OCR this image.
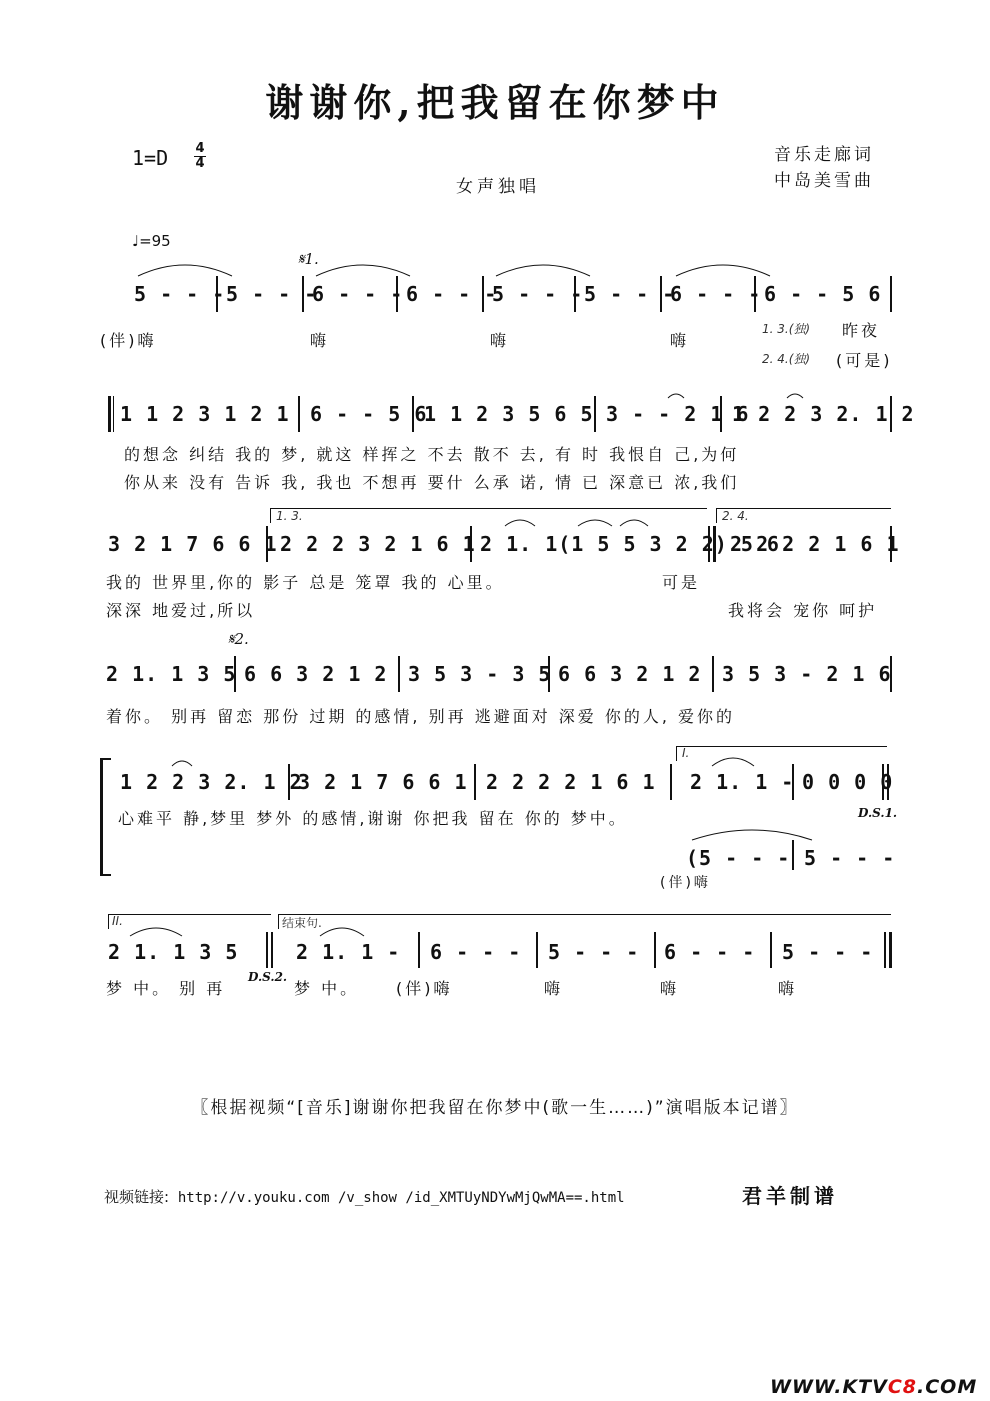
谢谢你,把我留在你梦中
1=D 4
4	音乐走廊词
中岛美雪曲
女声独唱
♩=95
𝄋1.
5 - - - 5 - - -
6 - - - 6 - - -
5 - - - 5 - - -
6 - - - 6 - - 5 6
(伴)嗨	嗨	嗨	嗨
1. 3.(独) 昨夜
2. 4.(独) (可是)
1 1 2 3 1 2 1 6 - - 5 6
1 1 2 3 5 6 5 3 - - 2 1 6
1 2 2 3 2. 1 2
的想念 纠结 我的 梦, 就这 样挥之 不去 散不 去, 有 时 我恨自 己,为何
你从来 没有 告诉 我, 我也 不想再 要什 么承 诺, 情 已 深意已 浓,我们
1. 3.	2. 4.
3 2 1 7 6 6 1 2 2 2 3 2 1 6 1 2 1. 1(1 5 5 3 2 2) 5 6
2 2 2 2 1 6 1
我的 世界里,你的 影子 总是 笼罩 我的 心里。	可是
深深 地爱过,所以	我将会 宠你 呵护
𝄋2.
2 1. 1 3 5 6 6 3 2 1 2 3 5 3 - 3 5 6 6 3 2 1 2 3 5 3 - 2 1 6
着你。 别再 留恋 那份 过期 的感情, 别再 逃避面对 深爱 你的人, 爱你的
I.
1 2 2 3 2. 1 2
3 2 1 7 6 6 1 2 2 2 2 1 6 1 2 1. 1 - 0 0 0 0
心难平 静,梦里 梦外 的感情,谢谢 你把我 留在 你的 梦中。	D.S.1.
(5 - - - 5 - - -
(伴)嗨
II.	结束句.
2 1. 1 3 5	2 1. 1 - 6 - - - 5 - - - 6 - - - 5 - - -
梦 中。 别 再
D.S.2.
梦 中。 (伴)嗨	嗨	嗨	嗨
〖根据视频“[音乐]谢谢你把我留在你梦中(歌一生……)”演唱版本记谱〗
视频链接: http://v.youku.com /v_show /id_XMTUyNDYwMjQwMA==.html	君羊制谱
WWW.KTVC8.COM
